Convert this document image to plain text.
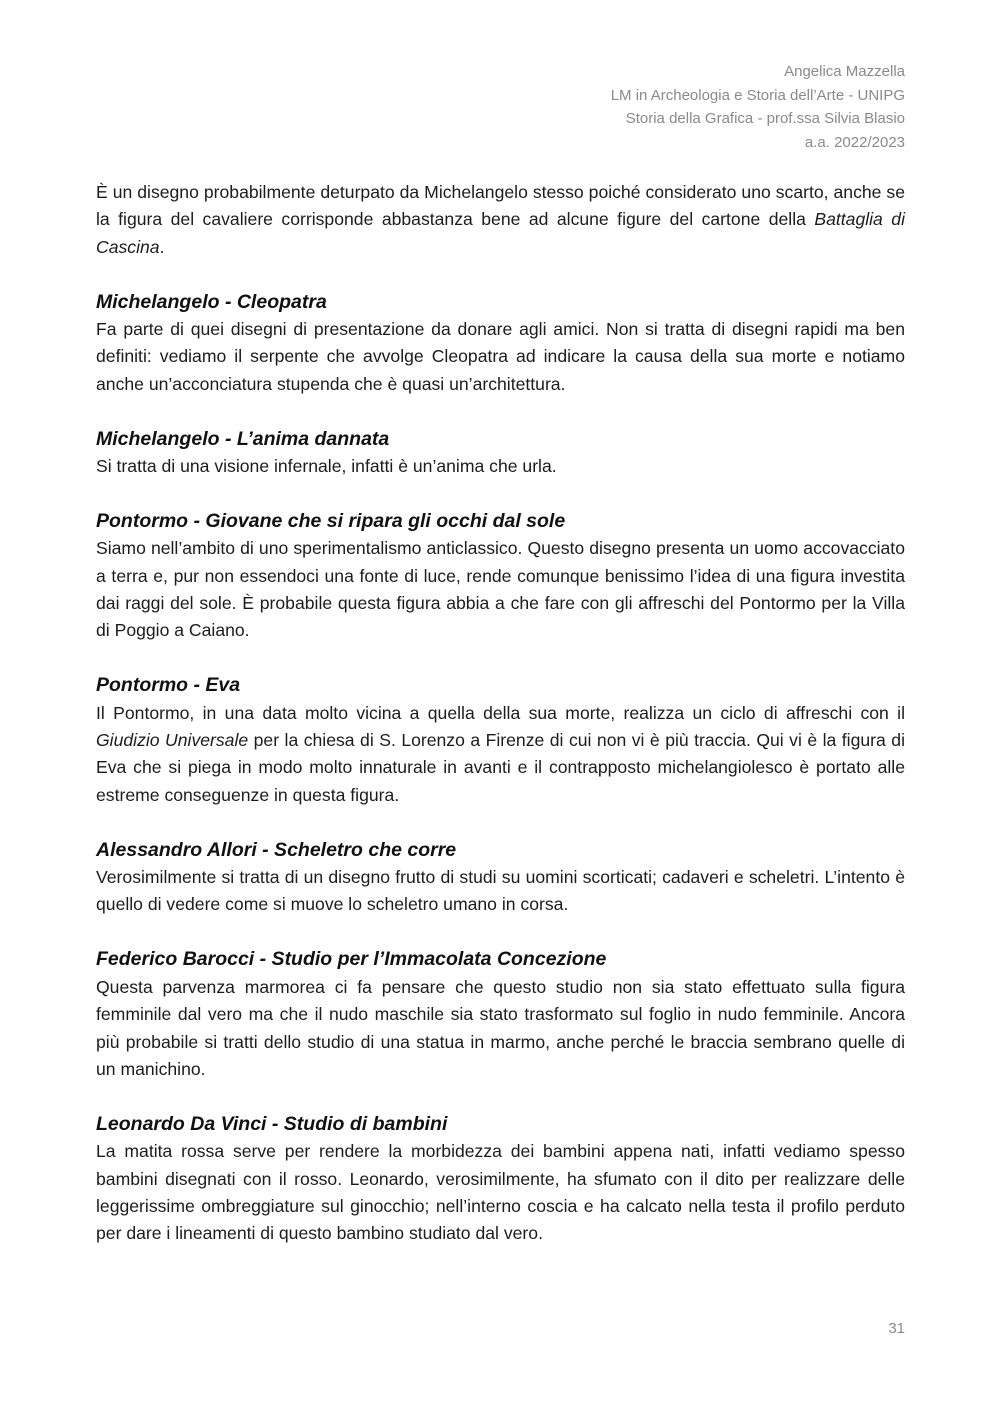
Angelica Mazzella
LM in Archeologia e Storia dell’Arte - UNIPG
Storia della Grafica - prof.ssa Silvia Blasio
a.a. 2022/2023

È un disegno probabilmente deturpato da Michelangelo stesso poiché considerato uno scarto, anche se la figura del cavaliere corrisponde abbastanza bene ad alcune figure del cartone della Battaglia di Cascina.

Michelangelo - Cleopatra

Fa parte di quei disegni di presentazione da donare agli amici. Non si tratta di disegni rapidi ma ben definiti: vediamo il serpente che avvolge Cleopatra ad indicare la causa della sua morte e notiamo anche un’acconciatura stupenda che è quasi un’architettura.

Michelangelo - L’anima dannata

Si tratta di una visione infernale, infatti è un’anima che urla.

Pontormo - Giovane che si ripara gli occhi dal sole

Siamo nell’ambito di uno sperimentalismo anticlassico. Questo disegno presenta un uomo accovacciato a terra e, pur non essendoci una fonte di luce, rende comunque benissimo l’idea di una figura investita dai raggi del sole. È probabile questa figura abbia a che fare con gli affreschi del Pontormo per la Villa di Poggio a Caiano.

Pontormo - Eva

Il Pontormo, in una data molto vicina a quella della sua morte, realizza un ciclo di affreschi con il Giudizio Universale per la chiesa di S. Lorenzo a Firenze di cui non vi è più traccia. Qui vi è la figura di Eva che si piega in modo molto innaturale in avanti e il contrapposto michelangiolesco è portato alle estreme conseguenze in questa figura.

Alessandro Allori - Scheletro che corre

Verosimilmente si tratta di un disegno frutto di studi su uomini scorticati; cadaveri e scheletri. L’intento è quello di vedere come si muove lo scheletro umano in corsa.

Federico Barocci - Studio per l’Immacolata Concezione

Questa parvenza marmorea ci fa pensare che questo studio non sia stato effettuato sulla figura femminile dal vero ma che il nudo maschile sia stato trasformato sul foglio in nudo femminile. Ancora più probabile si tratti dello studio di una statua in marmo, anche perché le braccia sembrano quelle di un manichino.

Leonardo Da Vinci - Studio di bambini

La matita rossa serve per rendere la morbidezza dei bambini appena nati, infatti vediamo spesso bambini disegnati con il rosso. Leonardo, verosimilmente, ha sfumato con il dito per realizzare delle leggerissime ombreggiature sul ginocchio; nell’interno coscia e ha calcato nella testa il profilo perduto per dare i lineamenti di questo bambino studiato dal vero.

31
